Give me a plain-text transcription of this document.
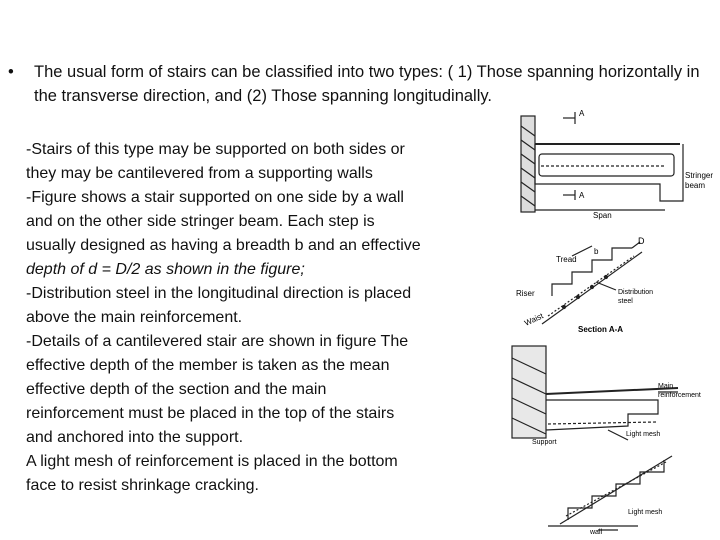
• The usual form of stairs can be classified into two types: ( 1) Those spanning horizontally in the transverse direction, and (2) Those spanning longitudinally.

-Stairs of this type may be supported on both sides or

they may be cantilevered from a supporting walls

-Figure shows a stair supported on one side by a wall

and on the other side stringer beam. Each step is

usually designed as having a breadth b and an effective

depth of d = D/2 as shown in the figure;

-Distribution steel in the longitudinal direction is placed

above the main reinforcement.

-Details of a cantilevered stair are shown in figure The

effective depth of the member is taken as the mean

effective depth of the section and the main

reinforcement must be placed in the top of the stairs

and anchored into the support.

A light mesh of reinforcement is placed in the bottom

face to resist shrinkage cracking.

A
A
Stringer
beam
Span
Tread
b
D
Riser
Waist
Distribution
steel
Section A-A
Main
reinforcement
Light mesh
Light mesh
Support
wall
